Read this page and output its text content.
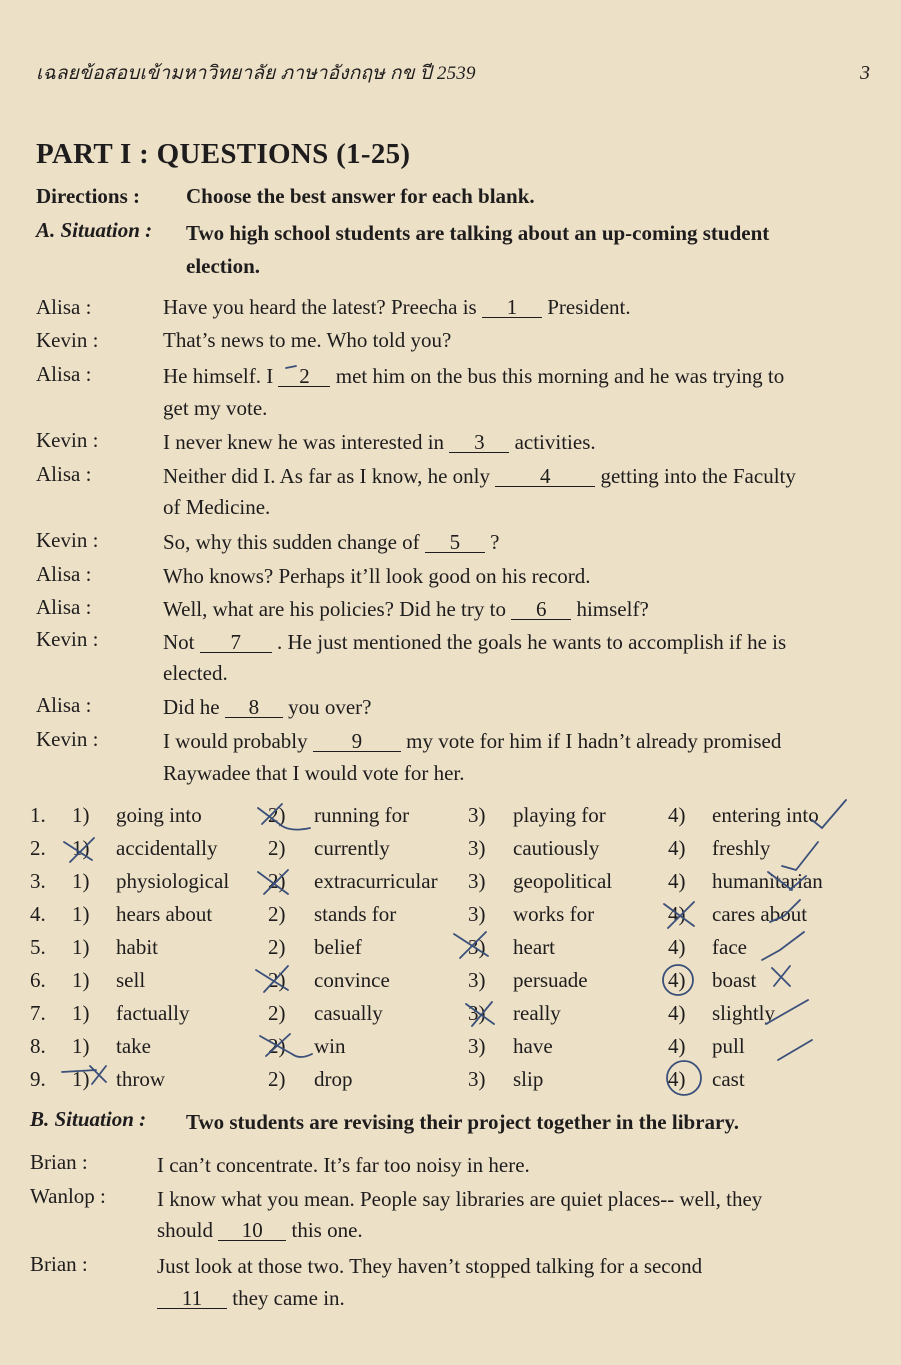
เฉลยข้อสอบเข้ามหาวิทยาลัย ภาษาอังกฤษ กข ปี 2539	3
PART I : QUESTIONS (1-25)
Directions : Choose the best answer for each blank.
A. Situation : Two high school students are talking about an up-coming student
election.
Alisa :	Have you heard the latest? Preecha is 1 President.
Kevin :	That’s news to me. Who told you?
Alisa :	He himself. I 2 met him on the bus this morning and he was trying to
get my vote.
Kevin :	I never knew he was interested in 3 activities.
Alisa :	Neither did I. As far as I know, he only 4 getting into the Faculty
of Medicine.
Kevin :	So, why this sudden change of 5 ?
Alisa :	Who knows? Perhaps it’ll look good on his record.
Alisa :	Well, what are his policies? Did he try to 6 himself?
Kevin :	Not 7 . He just mentioned the goals he wants to accomplish if he is
elected.
Alisa :	Did he 8 you over?
Kevin :	I would probably 9 my vote for him if I hadn’t already promised
Raywadee that I would vote for her.
1. 1) going into	2) running for	3) playing for	4) entering into
2. 1) accidentally 2) currently	3) cautiously	4) freshly
3. 1) physiological 2) extracurricular 3) geopolitical	4) humanitarian
4. 1) hears about	2) stands for	3) works for	4) cares about
5. 1) habit	2) belief	3) heart	4) face
6. 1) sell	2) convince	3) persuade	4) boast
7. 1) factually	2) casually	3) really	4) slightly
8. 1) take	2) win	3) have	4) pull
9. 1) throw	2) drop	3) slip	4) cast
B. Situation : Two students are revising their project together in the library.
Brian :	I can’t concentrate. It’s far too noisy in here.
Wanlop : I know what you mean. People say libraries are quiet places-- well, they
should 10 this one.
Brian :	Just look at those two. They haven’t stopped talking for a second
11 they came in.
